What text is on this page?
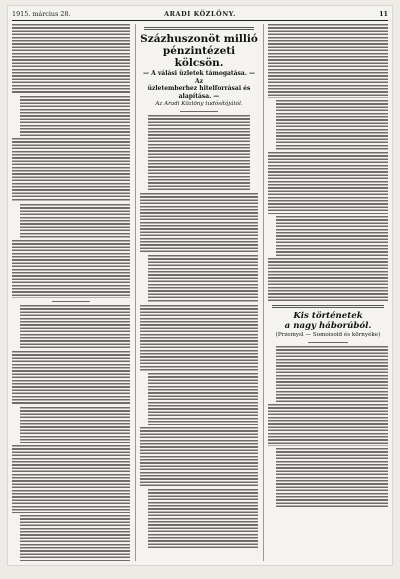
1915. március 28.	ARADI KÖZLÖNY.	11
Százhuszonöt millió
pénzintézeti kölcsön.
— A válási üzletek támogatása. — Az
üzletemberhez hitelforrásai és alapítása. —
Az Aradi Közlöny tudósítójától.
Kis történetek
a nagy háborúból.
(Przemysl — Somoisold és környéke)
